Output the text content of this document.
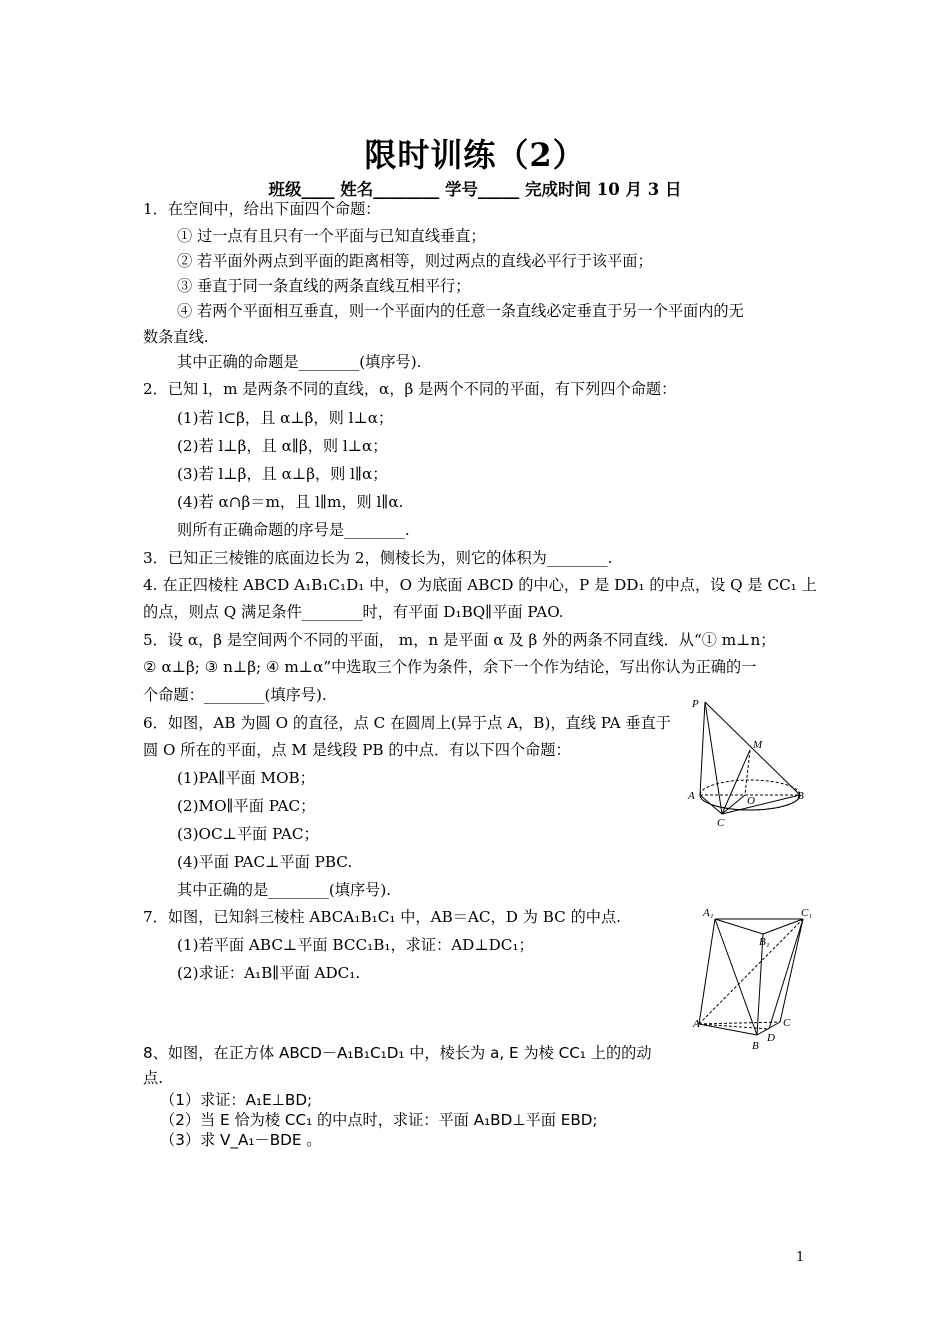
限时训练（2）
班级____ 姓名________ 学号_____ 完成时间 10 月 3 日
1．在空间中，给出下面四个命题：
① 过一点有且只有一个平面与已知直线垂直；
② 若平面外两点到平面的距离相等，则过两点的直线必平行于该平面；
③ 垂直于同一条直线的两条直线互相平行；
④ 若两个平面相互垂直，则一个平面内的任意一条直线必定垂直于另一个平面内的无
数条直线.
其中正确的命题是________(填序号).
2．已知 l，m 是两条不同的直线，α，β 是两个不同的平面，有下列四个命题：
(1)若 l⊂β，且 α⊥β，则 l⊥α；
(2)若 l⊥β，且 α∥β，则 l⊥α；
(3)若 l⊥β，且 α⊥β，则 l∥α；
(4)若 α∩β＝m，且 l∥m，则 l∥α.
则所有正确命题的序号是________.
3．已知正三棱锥的底面边长为 2，侧棱长为，则它的体积为________.
4. 在正四棱柱 ABCD A₁B₁C₁D₁ 中，O 为底面 ABCD 的中心，P 是 DD₁ 的中点，设 Q 是 CC₁ 上
的点，则点 Q 满足条件________时，有平面 D₁BQ∥平面 PAO.
5．设 α，β 是空间两个不同的平面， m，n 是平面 α 及 β 外的两条不同直线．从“① m⊥n；
② α⊥β; ③ n⊥β; ④ m⊥α”中选取三个作为条件，余下一个作为结论，写出你认为正确的一
个命题：________(填序号).
6．如图，AB 为圆 O 的直径，点 C 在圆周上(异于点 A，B)，直线 PA 垂直于
圆 O 所在的平面，点 M 是线段 PB 的中点．有以下四个命题：
(1)PA∥平面 MOB；
(2)MO∥平面 PAC；
(3)OC⊥平面 PAC；
(4)平面 PAC⊥平面 PBC.
其中正确的是________(填序号).
7．如图，已知斜三棱柱 ABCA₁B₁C₁ 中，AB＝AC，D 为 BC 的中点.
(1)若平面 ABC⊥平面 BCC₁B₁，求证：AD⊥DC₁；
(2)求证：A₁B∥平面 ADC₁.
8、如图，在正方体 ABCD－A₁B₁C₁D₁ 中，棱长为 a, E 为棱 CC₁ 上的的动
点.
（1）求证：A₁E⊥BD;
（2）当 E 恰为棱 CC₁ 的中点时，求证：平面 A₁BD⊥平面 EBD;
（3）求 V_A₁－BDE 。
P
M
A	O	B
C
A₁	C₁
B₁
A	C
D
B
1
